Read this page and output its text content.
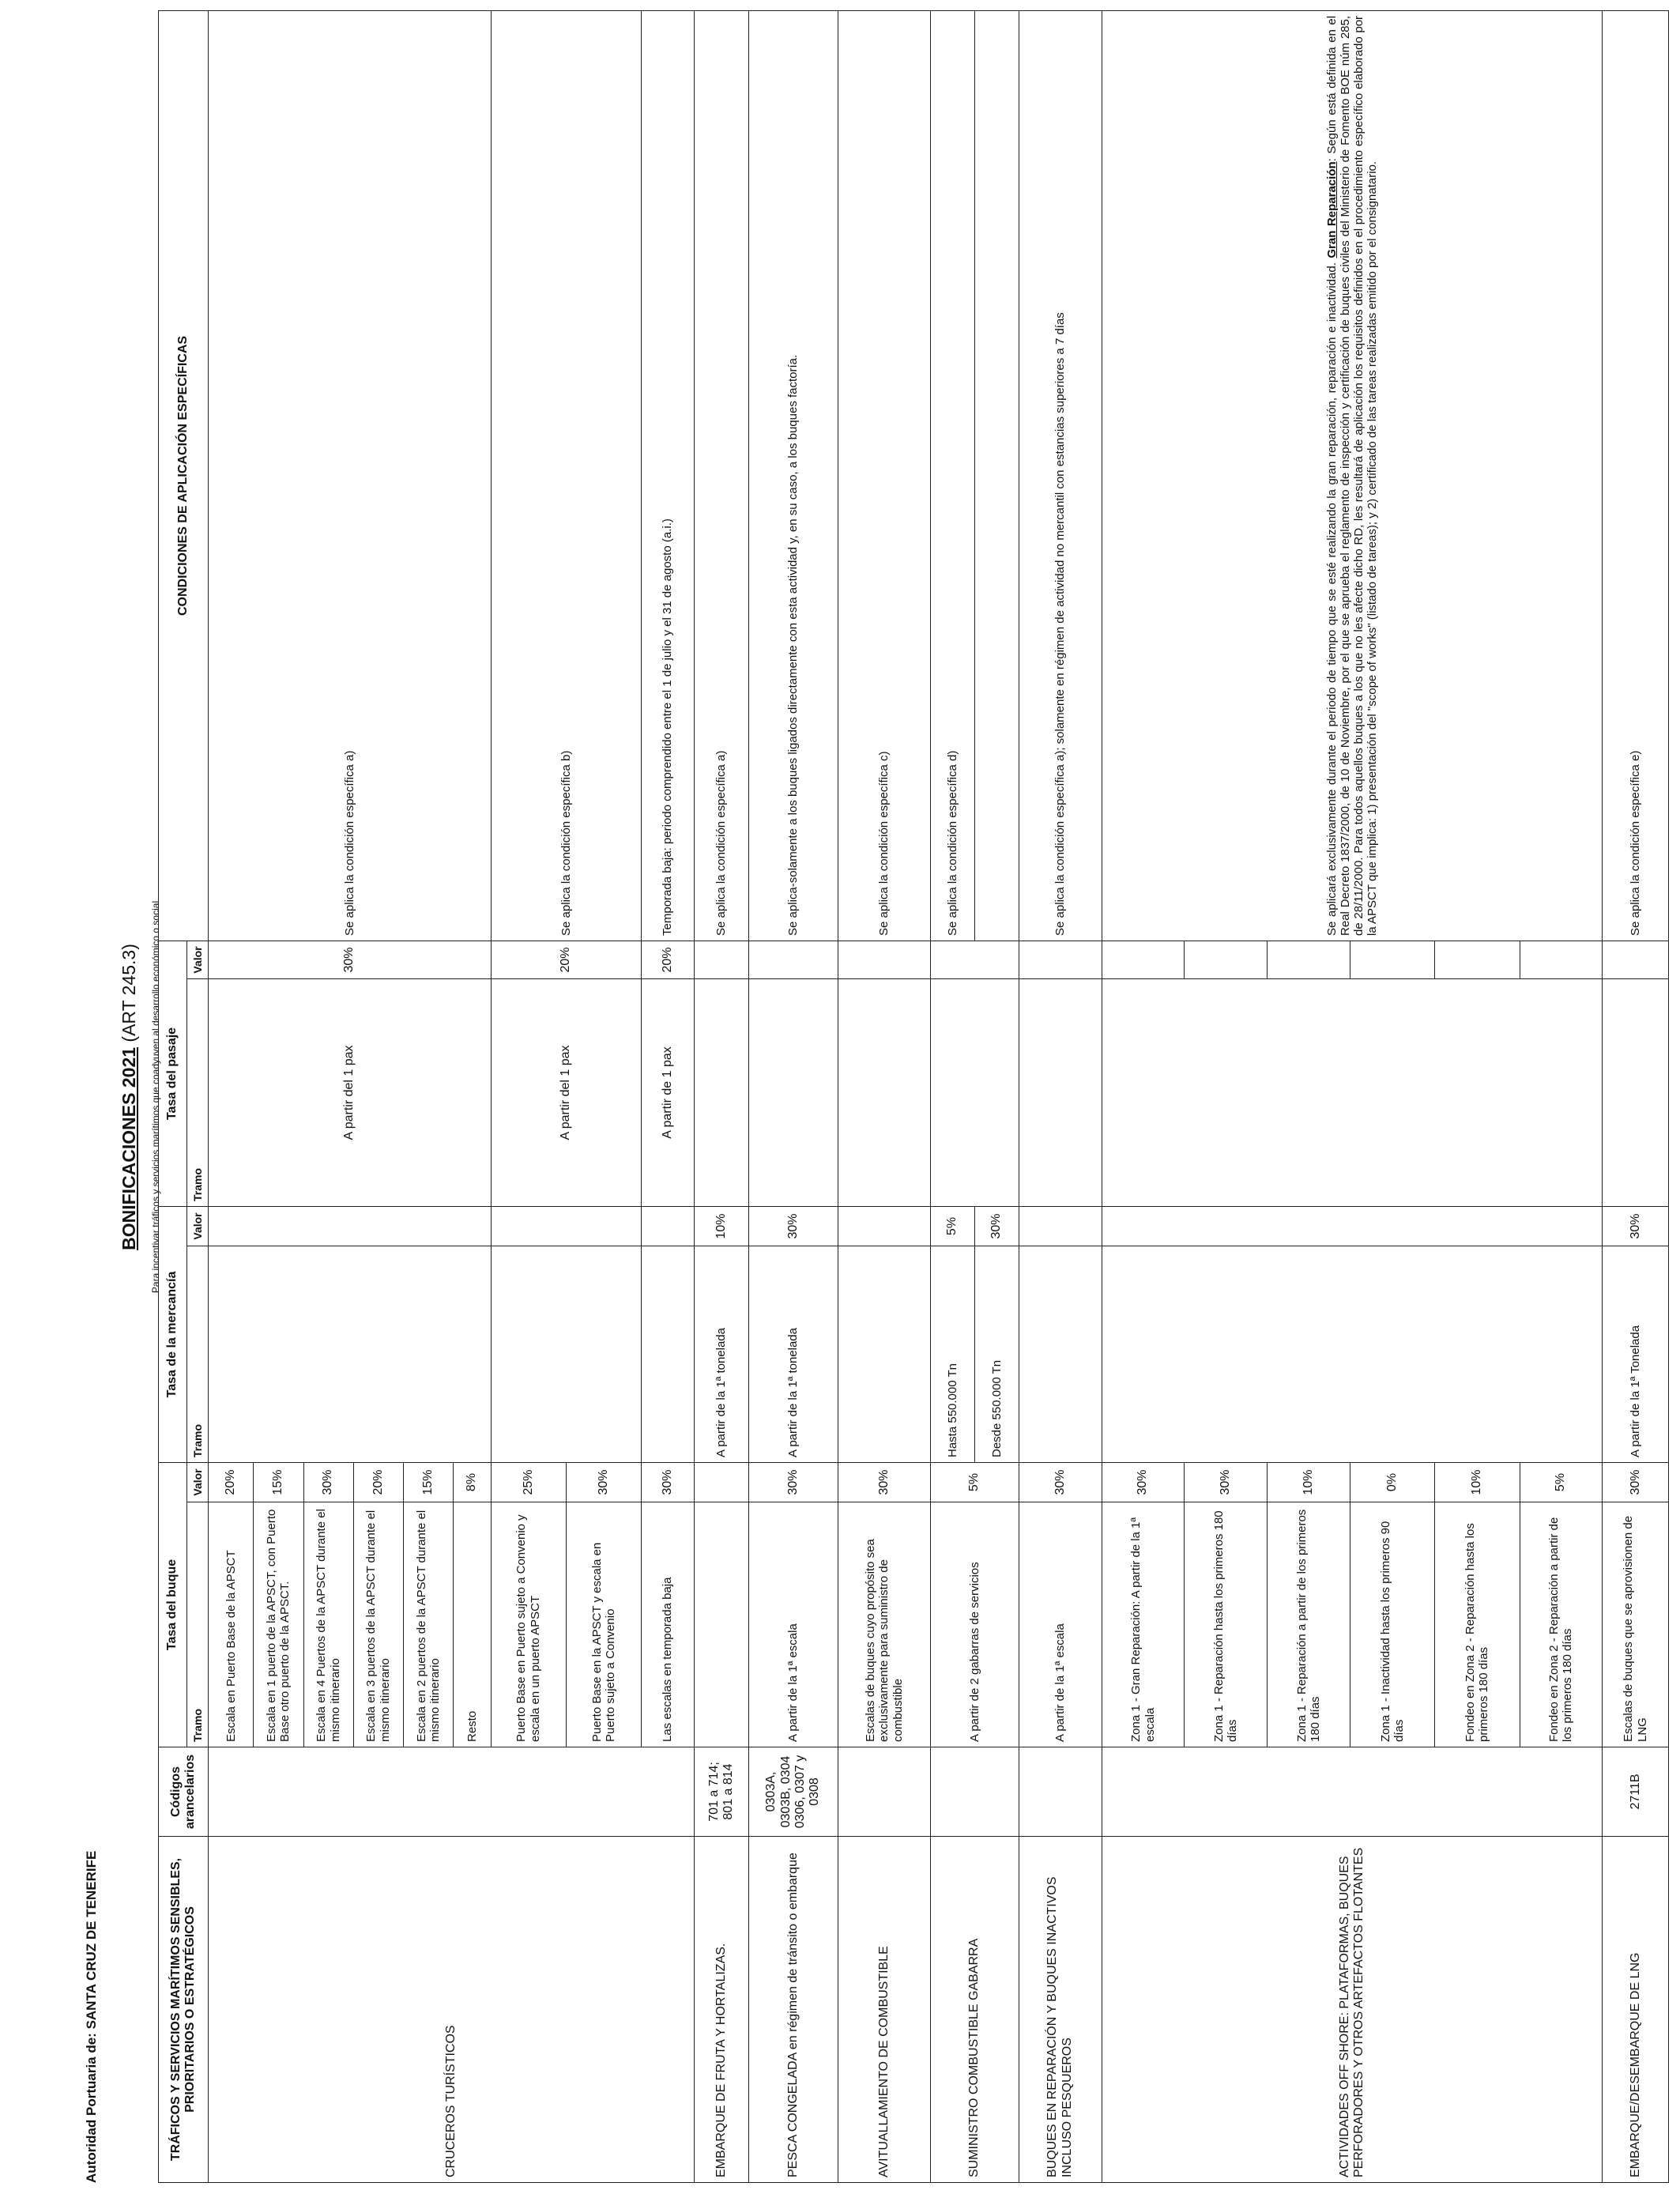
Autoridad Portuaria de: SANTA CRUZ DE TENERIFE
BONIFICACIONES 2021 (ART 245.3) Para incentivar tráficos y servicios marítimos que coadyuven al desarrollo económico o social
TRÁFICOS Y SERVICIOS MARÍTIMOS SENSIBLES, PRIORITARIOS O ESTRATÉGICOS	Códigos arancelarios	Tasa del buque		Tasa de la mercancía		Tasa del pasaje		CONDICIONES DE APLICACIÓN ESPECÍFICAS
		Tramo	Valor	Tramo	Valor	Tramo	Valor	
CRUCEROS TURÍSTICOS		Escala en Puerto Base de la APSCT	20%			A partir del 1 pax	30%	Se aplica la condición específica a)
		Escala en 1 puerto de la APSCT, con Puerto Base otro puerto de la APSCT.	15%					
		Escala en 4 Puertos de la APSCT durante el mismo itinerario	30%					
		Escala en 3 puertos de la APSCT durante el mismo itinerario	20%					
		Escala en 2 puertos de la APSCT durante el mismo itinerario	15%					
		Resto	8%					
		Puerto Base en Puerto sujeto a Convenio y escala en un puerto APSCT	25%			A partir del 1 pax	20%	Se aplica la condición específica b)
		Puerto Base en la APSCT y escala en Puerto sujeto a Convenio	30%					
		Las escalas en temporada baja	30%			A partir de 1 pax	20%	Temporada baja: periodo comprendido entre el 1 de julio y el 31 de agosto (a.i.)
EMBARQUE DE FRUTA Y HORTALIZAS.	701 a 714; 801 a 814			A partir de la 1ª tonelada	10%			Se aplica la condición específica a)
PESCA CONGELADA en régimen de tránsito o embarque	0303A, 0303B, 0304 0306, 0307 y 0308	A partir de la 1ª escala	30%	A partir de la 1ª tonelada	30%			Se aplica-solamente a los buques ligados directamente con esta actividad y, en su caso, a los buques factoría.
AVITUALLAMIENTO DE COMBUSTIBLE		Escalas de buques cuyo propósito sea exclusivamente para suministro de combustible	30%					Se aplica la condición específica c)
SUMINISTRO COMBUSTIBLE GABARRA		A partir de 2 gabarras de servicios	5%	Hasta 550.000 Tn	5%			Se aplica la condición específica d)
				Desde 550.000 Tn	30%			
BUQUES EN REPARACIÓN Y BUQUES INACTIVOS INCLUSO PESQUEROS		A partir de la 1ª escala	30%					Se aplica la condición específica a); solamente en régimen de actividad no mercantil con estancias superiores a 7 días
ACTIVIDADES OFF SHORE: PLATAFORMAS, BUQUES PERFORADORES Y OTROS ARTEFACTOS FLOTANTES		Zona 1 - Gran Reparación: A partir de la 1ª escala	30%					Se aplicará exclusivamente durante el periodo de tiempo que se esté realizando la gran reparación, reparación e inactividad. Gran Reparación: Según está definida en el Real Decreto 1837/2000, de 10 de Noviembre, por el que se aprueba el reglamento de inspección y certificación de buques civiles del Ministerio de Fomento BOE núm 285, de 28/11/2000. Para todos aquellos buques a los que no les afecte dicho RD, les resultará de aplicación los requisitos definidos en el procedimiento específico elaborado por la APSCT que implica: 1) presentación del "scope of works" (listado de tareas); y 2) certificado de las tareas realizadas emitido por el consignatario.

		Zona 1 - Reparación hasta los primeros 180 días	30%					
		Zona 1 - Reparación a partir de los primeros 180 días	10%					
		Zona 1 - Inactividad hasta los primeros 90 días	0%					
		Fondeo en Zona 2 - Reparación hasta los primeros 180 días	10%					
		Fondeo en Zona 2 - Reparación a partir de los primeros 180 días	5%					
EMBARQUE/DESEMBARQUE DE LNG	2711B	Escalas de buques que se aprovisionen de LNG	30%	A partir de la 1ª Tonelada	30%			Se aplica la condición específica e)
